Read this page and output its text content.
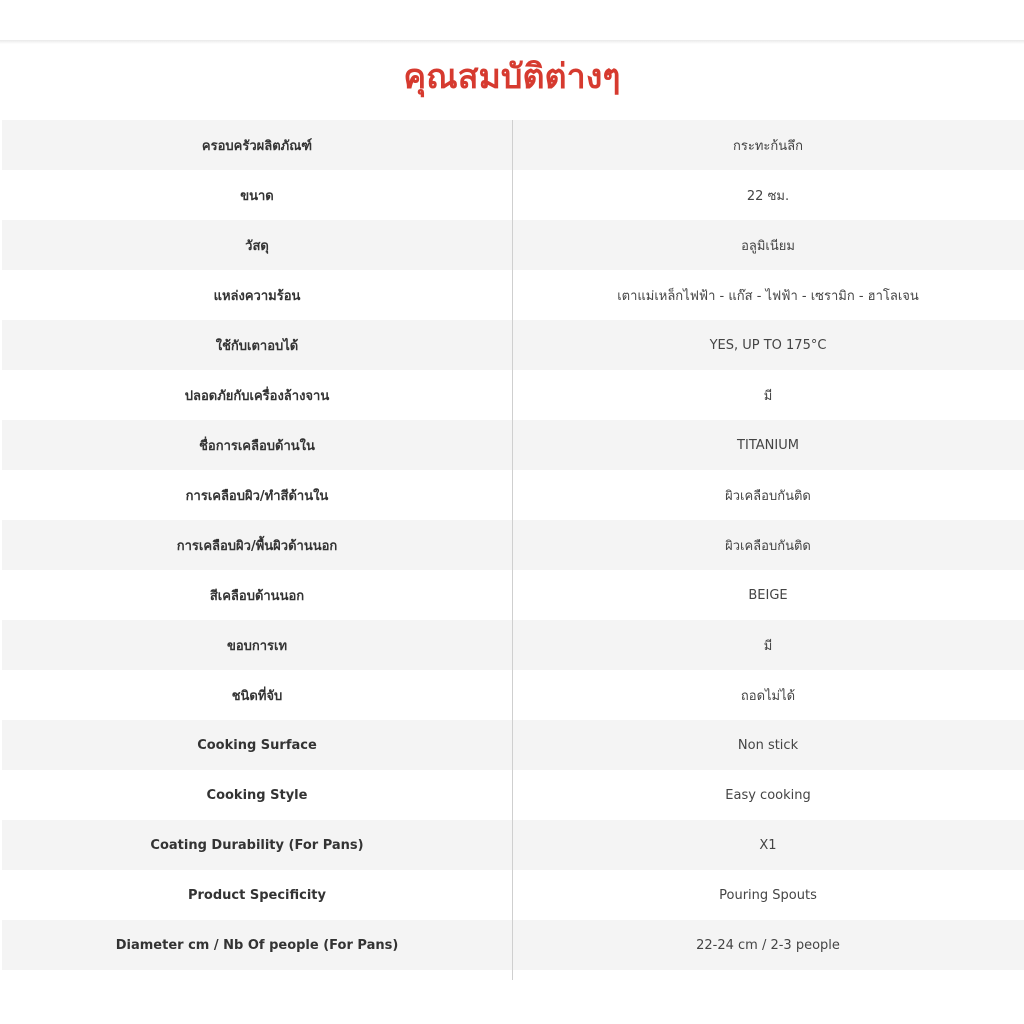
คุณสมบัติต่างๆ
ครอบครัวผลิตภัณฑ์	กระทะก้นลึก
ขนาด	22 ซม.
วัสดุ	อลูมิเนียม
แหล่งความร้อน	เตาแม่เหล็กไฟฟ้า - แก๊ส - ไฟฟ้า - เซรามิก - ฮาโลเจน
ใช้กับเตาอบได้	YES, UP TO 175°C
ปลอดภัยกับเครื่องล้างจาน	มี
ชื่อการเคลือบด้านใน	TITANIUM
การเคลือบผิว/ทำสีด้านใน	ผิวเคลือบกันติด
การเคลือบผิว/พื้นผิวด้านนอก	ผิวเคลือบกันติด
สีเคลือบด้านนอก	BEIGE
ขอบการเท	มี
ชนิดที่จับ	ถอดไม่ได้
Cooking Surface	Non stick
Cooking Style	Easy cooking
Coating Durability (For Pans)	X1
Product Specificity	Pouring Spouts
Diameter cm / Nb Of people (For Pans)	22-24 cm / 2-3 people
